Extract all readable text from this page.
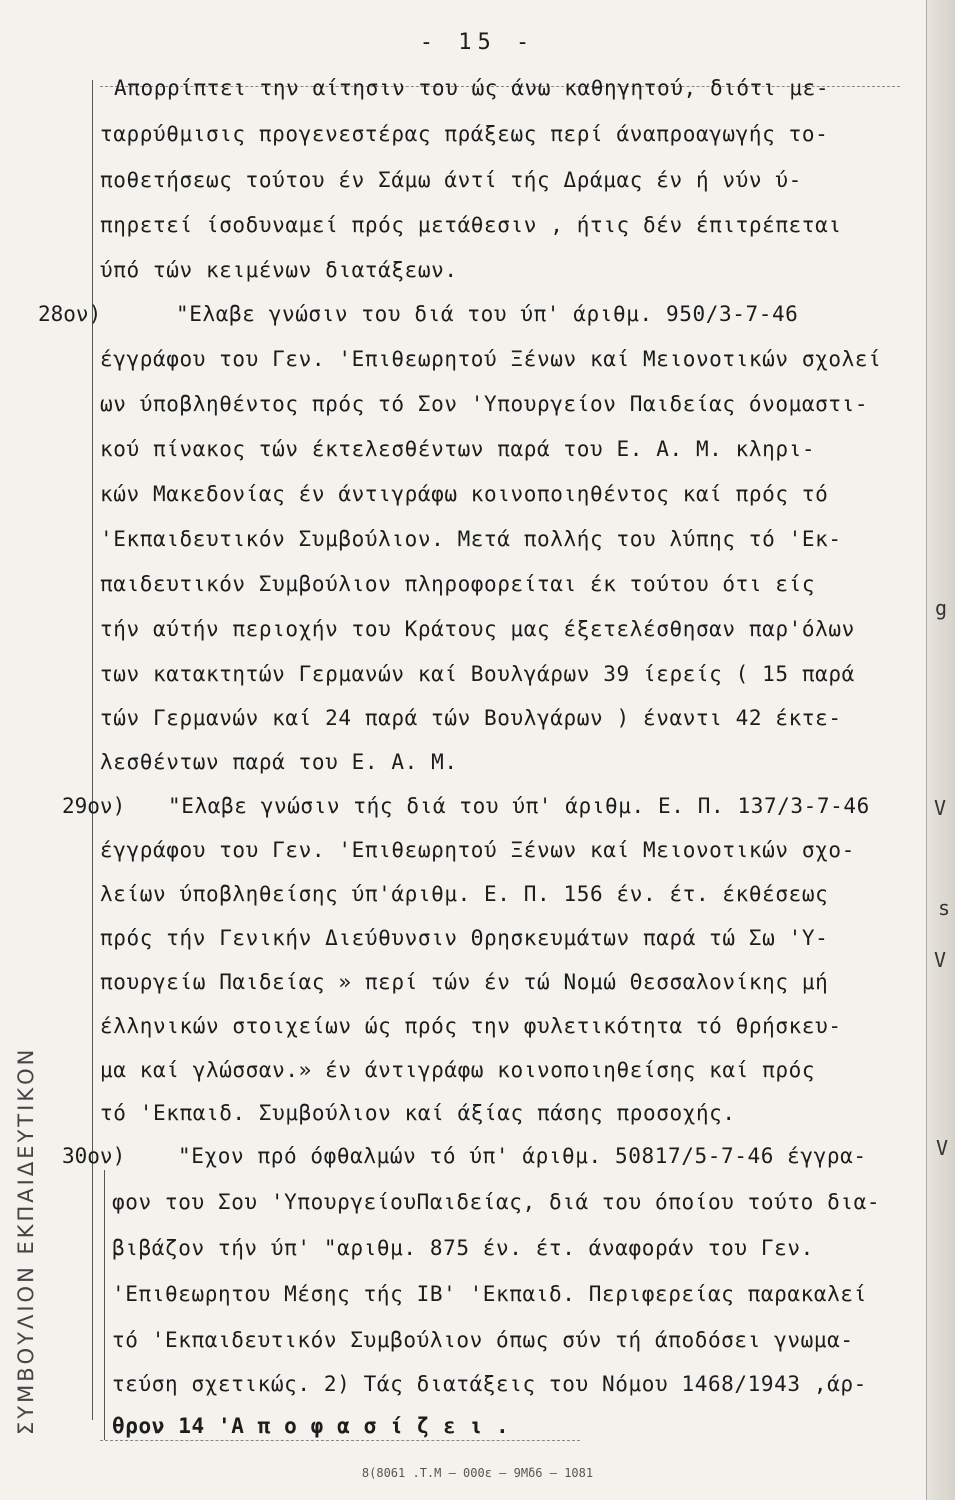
V
V
s
V
g
- 15 -
Απορρίπτει την αίτησιν του ώς άνω καθηγητού, διότι με-
ταρρύθμισις προγενεστέρας πράξεως περί άναπροαγωγής το-
ποθετήσεως τούτου έν Σάμω άντί τής Δράμας έν ή νύν ύ-
πηρετεί ίσοδυναμεί πρός μετάθεσιν , ήτις δέν έπιτρέπεται
ύπό τών κειμένων διατάξεων.
28ον)	"Ελαβε γνώσιν του διά του ύπ' άριθμ. 950/3-7-46
έγγράφου του Γεν. 'Επιθεωρητού Ξένων καί Μειονοτικών σχολεί
ων ύποβληθέντος πρός τό Σον 'Υπουργείον Παιδείας όνομαστι-
κού πίνακος τών έκτελεσθέντων παρά του Ε. Α. Μ. κληρι-
κών Μακεδονίας έν άντιγράφω κοινοποιηθέντος καί πρός τό
'Εκπαιδευτικόν Συμβούλιον. Μετά πολλής του λύπης τό 'Εκ-
παιδευτικόν Συμβούλιον πληροφορείται έκ τούτου ότι είς
τήν αύτήν περιοχήν του Κράτους μας έξετελέσθησαν παρ'όλων
των κατακτητών Γερμανών καί Βουλγάρων 39 ίερείς ( 15 παρά
τών Γερμανών καί 24 παρά τών Βουλγάρων ) έναντι 42 έκτε-
λεσθέντων παρά του Ε. Α. Μ.
29ον) "Ελαβε γνώσιν τής διά του ύπ' άριθμ. Ε. Π. 137/3-7-46
έγγράφου του Γεν. 'Επιθεωρητού Ξένων καί Μειονοτικών σχο-
λείων ύποβληθείσης ύπ'άριθμ. Ε. Π. 156 έν. έτ. έκθέσεως
πρός τήν Γενικήν Διεύθυνσιν Θρησκευμάτων παρά τώ Σω 'Υ-
πουργείω Παιδείας » περί τών έν τώ Νομώ Θεσσαλονίκης μή
έλληνικών στοιχείων ώς πρός την φυλετικότητα τό θρήσκευ-
μα καί γλώσσαν.» έν άντιγράφω κοινοποιηθείσης καί πρός
τό 'Εκπαιδ. Συμβούλιον καί άξίας πάσης προσοχής.
30ον)	"Εχον πρό όφθαλμών τό ύπ' άριθμ. 50817/5-7-46 έγγρα-
φον του Σου 'ΥπουργείουΠαιδείας, διά του όποίου τούτο δια-
βιβάζον τήν ύπ' "αριθμ. 875 έν. έτ. άναφοράν του Γεν.
'Επιθεωρητου Μέσης τής ΙΒ' 'Εκπαιδ. Περιφερείας παρακαλεί
τό 'Εκπαιδευτικόν Συμβούλιον όπως σύν τή άποδόσει γνωμα-
τεύση σχετικώς. 2) Τάς διατάξεις του Νόμου 1468/1943 ,άρ-
θρον 14 'Α π ο φ α σ ί ζ ε ι .
ΣΥΜΒΟΥΛΙΟΝ ΕΚΠΑΙΔΕΥΤΙΚΟΝ
8(8061 .Τ.Μ — 000ε — 9Μδ6 — 1081
